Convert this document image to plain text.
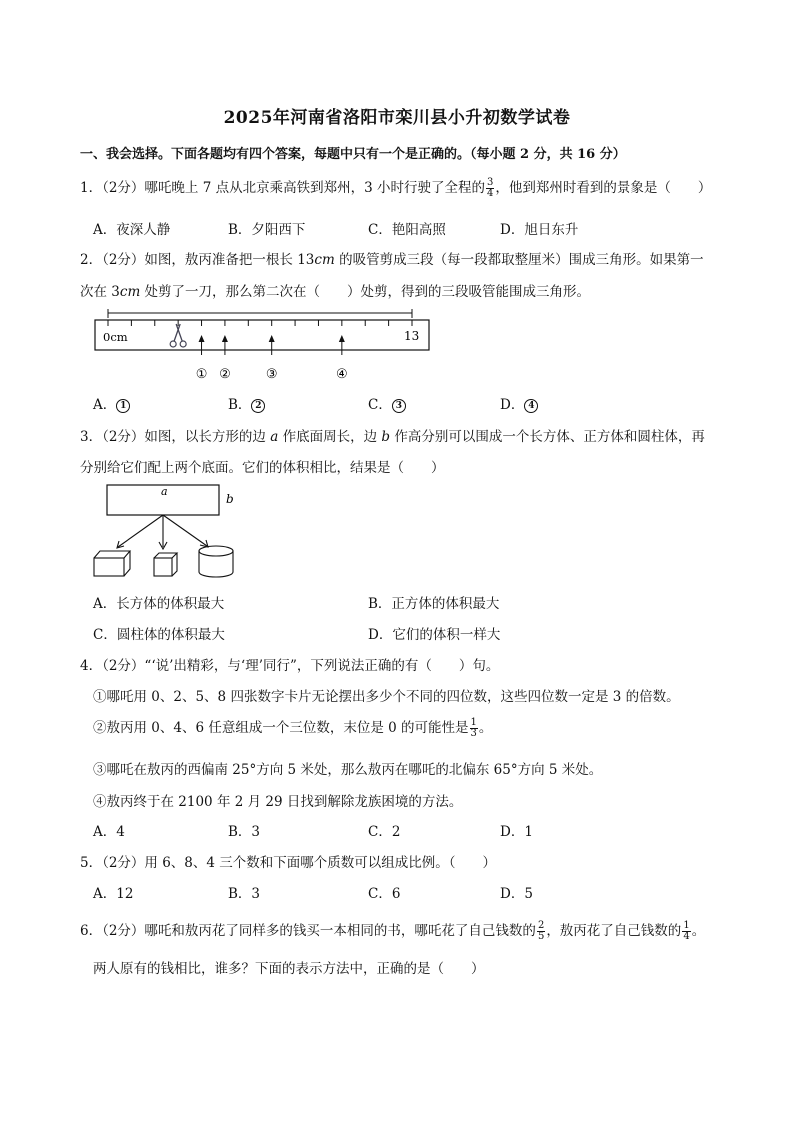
2025年河南省洛阳市栾川县小升初数学试卷
一、我会选择。下面各题均有四个答案，每题中只有一个是正确的。（每小题 2 分，共 16 分）
1．（2分）哪吒晚上 7 点从北京乘高铁到郑州，3 小时行驶了全程的 $\frac{3}{4}$ ，他到郑州时看到的景象是（　　）
A．夜深人静	B．夕阳西下	C．艳阳高照	D．旭日东升
2．（2分）如图，敖丙准备把一根长 13cm 的吸管剪成三段（每一段都取整厘米）围成三角形。如果第一
次在 3cm 处剪了一刀，那么第二次在（　　）处剪，得到的三段吸管能围成三角形。
0cm	13
① ②	③	④
A． 1	B． 2	C． 3	D． 4
3．（2分）如图，以长方形的边 a 作底面周长，边 b 作高分别可以围成一个长方体、正方体和圆柱体，再
分别给它们配上两个底面。它们的体积相比，结果是（　　）
a
b
A．长方体的体积最大	B．正方体的体积最大
C．圆柱体的体积最大	D．它们的体积一样大
4．（2分）“‘说’出精彩，与‘理’同行”，下列说法正确的有（　　）句。
①哪吒用 0、2、5、8 四张数字卡片无论摆出多少个不同的四位数，这些四位数一定是 3 的倍数。
②敖丙用 0、4、6 任意组成一个三位数，末位是 0 的可能性是 $\frac{1}{3}$ 。
③哪吒在敖丙的西偏南 25°方向 5 米处，那么敖丙在哪吒的北偏东 65°方向 5 米处。
④敖丙终于在 2100 年 2 月 29 日找到解除龙族困境的方法。
A．4	B．3	C．2	D．1
5．（2分）用 6、8、4 三个数和下面哪个质数可以组成比例。（　　）
A．12	B．3	C．6	D．5
6．（2分）哪吒和敖丙花了同样多的钱买一本相同的书，哪吒花了自己钱数的 $\frac{2}{5}$ ，敖丙花了自己钱数的 $\frac{1}{4}$ 。
两人原有的钱相比，谁多？下面的表示方法中，正确的是（　　）
